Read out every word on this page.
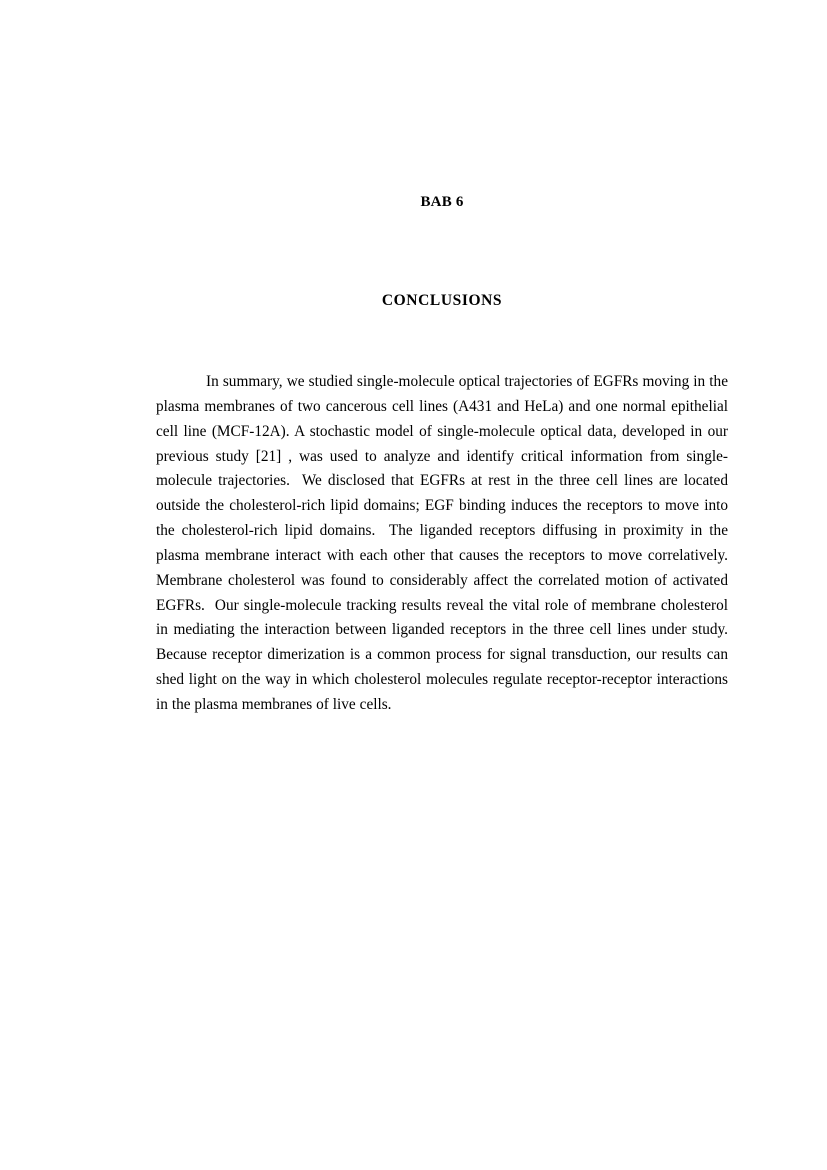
BAB 6
CONCLUSIONS

In summary, we studied single-molecule optical trajectories of EGFRs moving in the plasma membranes of two cancerous cell lines (A431 and HeLa) and one normal epithelial cell line (MCF-12A). A stochastic model of single-molecule optical data, developed in our previous study [21] , was used to analyze and identify critical information from single-molecule trajectories.  We disclosed that EGFRs at rest in the three cell lines are located outside the cholesterol-rich lipid domains; EGF binding induces the receptors to move into the cholesterol-rich lipid domains.  The liganded receptors diffusing in proximity in the plasma membrane interact with each other that causes the receptors to move correlatively.  Membrane cholesterol was found to considerably affect the correlated motion of activated EGFRs.  Our single-molecule tracking results reveal the vital role of membrane cholesterol in mediating the interaction between liganded receptors in the three cell lines under study. Because receptor dimerization is a common process for signal transduction, our results can shed light on the way in which cholesterol molecules regulate receptor-receptor interactions in the plasma membranes of live cells.
